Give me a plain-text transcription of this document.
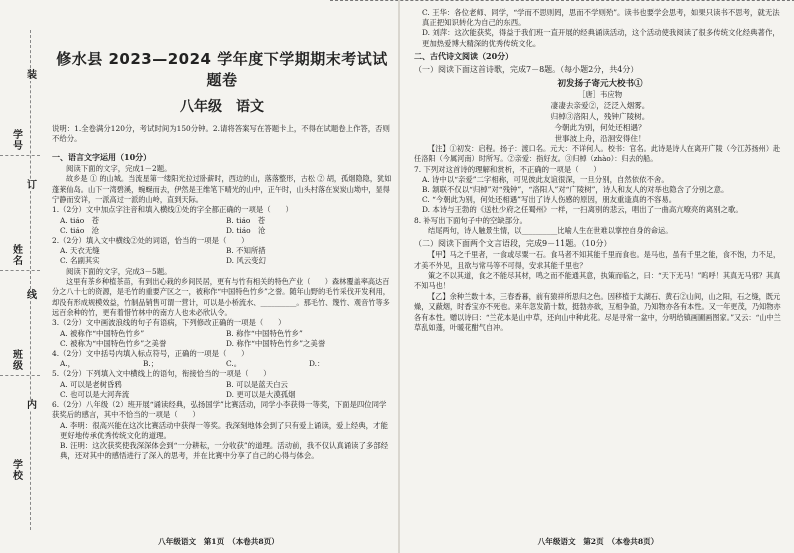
学号
姓名
班级
学校
装
订
线
内
修水县 2023—2024 学年度下学期期末考试试题卷
八年级　语文

说明：1.全卷满分120分，考试时间为150分钟。2.请将答案写在答题卡上，不得在试题卷上作答，否则不给分。

一、语言文字运用（10分）

阅读下面的文字，完成1－2题。

故乡是 ① 的山城。当流星第一缕阳光拉过卧薪时，西边的山，落落整形，古松 ② 胡，孤烟隐隐，犹如蓬莱仙岛。山下一湾碧溪，蜿蜒而去，伊然是王维笔下晴光的山中，正午时，山头村落在炭炭山坳中，显得宁静而安详，一派高过一派的山岭，直到天际。

1.（2分）文中加点字注音和填入横线①处的字全都正确的一项是（　　）

A. tiáo　苍	B. tiáo　苍
C. tiáo　沧	D. tiáo　沧

2.（2分）填入文中横线②处的词语，恰当的一项是（　　）

A. 天衣无缝	B. 不知所措
C. 名副其实	D. 风云变幻

阅读下面的文字，完成3－5题。

这里有茶乡种植茶苗，有到出心栽的乡间民居，更有与竹有相关的特色产业（　　）森林覆盖率高达百分之八十七的资源，是毛竹的重要产区之一，被称作“中国特色竹乡”之誉。随年山野的毛竹采伐开发利用，却没有形成规模效益，竹制品销售可谓一营计，可以是小桥流水、__________。那毛竹、篾竹、观音竹等多远百余种的竹，更有着惜竹林中的南方人也未必欣认令。

3.（2分）文中画波浪线的句子有语病，下列修改正确的一项是（　　）

A. 被称作“中国特色竹乡”	B. 称作“中国特色竹乡”
C. 被称为“中国特色竹乡”之美誉	D. 称作“中国特色竹乡”之美誉

4.（2分）文中括号内填入标点符号，正确的一项是（　　）

A.，	B.；	C.。	D.：

5.（2分）下列填入文中横线上的语句，衔接恰当的一项是（　　）

A. 可以是老树昏鸦	B. 可以是蓝天白云
C. 也可以是大河奔流	D. 更可以是大漠孤烟

6.（2分）八年级（2）班开展“诵读经典，弘扬国学”比赛活动，同学小李获得一等奖，下面是四位同学获奖后的感言，其中不恰当的一项是（　　）

A. 李明：很高兴能在这次比赛活动中获得一等奖。我深刻地体会到了只有爱上诵读，爱上经典，才能更好地传承优秀传统文化的道理。

B. 汪明：这次获奖使我深深体会到“一分耕耘，一分收获”的道理。活动前，我不仅认真诵读了多部经典，还对其中的感悟进行了深入的思考，并在比赛中分享了自己的心得与体会。

八年级语文　第1页　（本卷共8页）

C. 王华：各位老师、同学，“学而不思则罔，思而不学则殆”。读书也要学会思考，如果只读书不思考，就无法真正把知识转化为自己的东西。

D. 刘萍：这次能获奖，得益于我们班一直开展的经典诵读活动，这个活动使我阅读了很多传统文化经典著作，更加热爱博大精深的优秀传统文化。

二、古代诗文阅读（20分）

（一）阅读下面这首诗歌，完成7－8题。（每小题2分，共4分）

初发扬子寄元大校书①

［唐］韦应物

凄凄去亲爱②，泛泛入烟雾。

归棹③洛阳人，残钟广陵树。

今朝此为别，何处还相遇？

世事波上舟，沿洄安得住！

【注】①初发：启程。扬子：渡口名。元大：不详何人。校书：官名。此诗是诗人在离开广陵（今江苏扬州）赴任洛阳（今属河南）时所写。②亲爱：指好友。③归棹（zhào）：归去的船。

7. 下列对这首诗的理解和赏析，不正确的一项是（　　）

A. 诗中以“亲爱”二字相称，可见彼此友谊很深，一旦分别，自然依依不舍。

B. 颔联不仅以“归棹”对“残钟”，“洛阳人”对“广陵树”，诗人和友人的对举也隐含了分别之意。

C. “今朝此为别，何处还相遇”写出了诗人伤感的原因，朋友重逢真的不容易。

D. 本诗与王勃的《送杜少府之任蜀州》一样，一扫离别的悲云，唱出了一曲高亢嘹亮的离别之歌。

8. 补写出下面句子中的空缺部分。

结尾两句，诗人触景生情，以__________比喻人生在世难以掌控自身的命运。

（二）阅读下面两个文言语段，完成9－11题。（10分）

【甲】马之千里者，一食或尽粟一石。食马者不知其能千里而食也。是马也，虽有千里之能，食不饱，力不足，才美不外见，且欲与常马等不可得，安求其能千里也？

策之不以其道，食之不能尽其材，鸣之而不能通其意，执策而临之，曰：“天下无马！”呜呼！其真无马邪？其真不知马也！

【乙】余种兰数十本，三春香暮，前有猿祥所思归之色。因移植于太湖石、黄石②山间，山之阳，石之缝，既元燥，又蔽烟，时香宝亦不死也。来年忽发箭十数，挺勃亦欲，互相争盈，乃知物亦各有本性。又一年更茂，乃知物亦各有本性。赠以诗曰：“兰花本是山中草，还向山中种此花。尽是寻常一盆中，分明给镇画圃画图家。”又云：“山中兰草乱如蓬，叶暖花酣气自冲。

八年级语文　第2页　（本卷共8页）
